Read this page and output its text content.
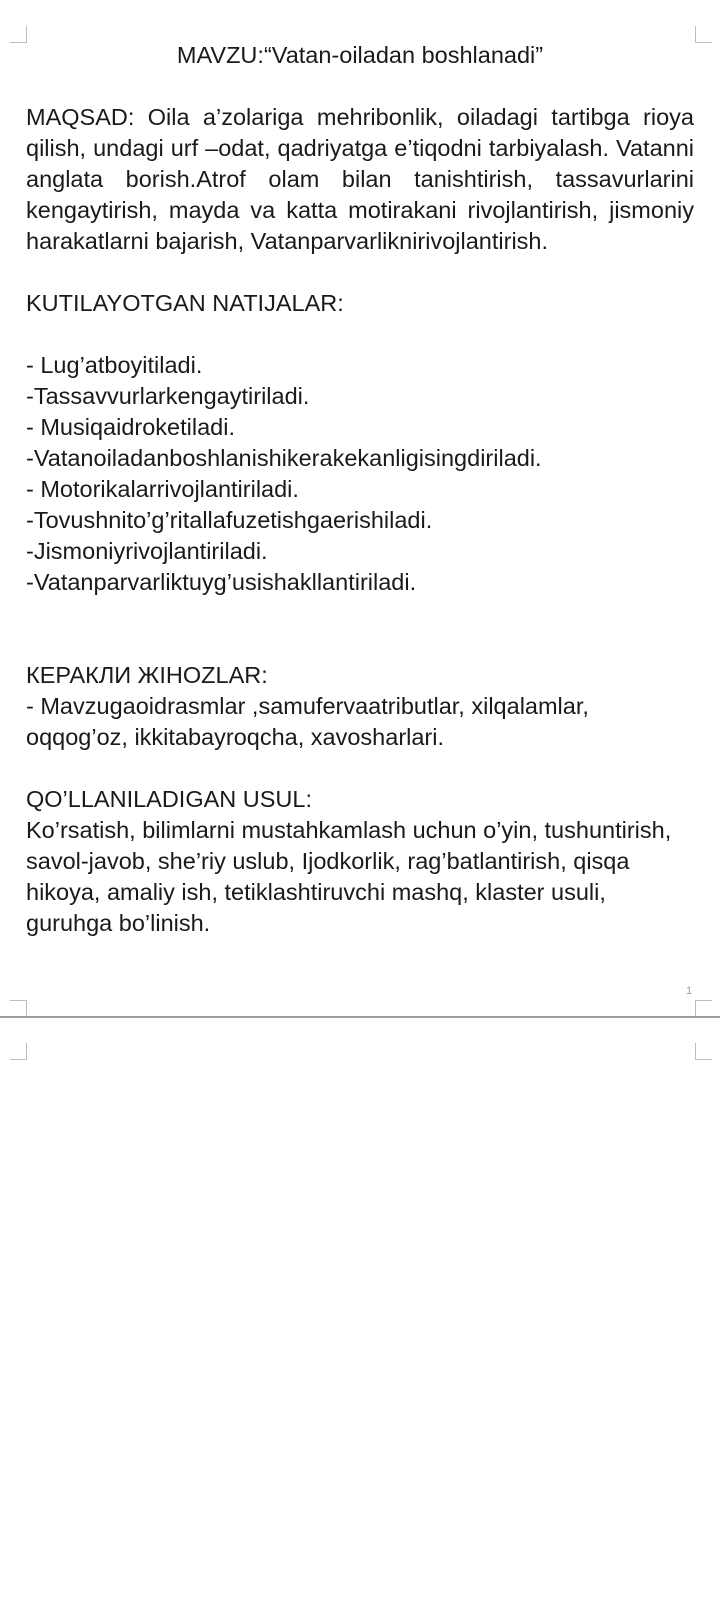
1

MAVZU:“Vatan-oiladan boshlanadi”

MAQSAD: Oila a’zolariga mehribonlik, oiladagi tartibga rioya qilish, undagi urf –odat, qadriyatga e’tiqodni tarbiyalash. Vatanni anglata borish.Atrof olam bilan tanishtirish, tassavurlarini kengaytirish, mayda va katta motirakani rivojlantirish, jismoniy harakatlarni bajarish, Vatanparvarliknirivojlantirish.

KUTILAYOTGAN NATIJALAR:

- Lug’atboyitiladi.
-Tassavvurlarkengaytiriladi.
- Musiqaidroketiladi.
-Vatanoiladanboshlanishikerakekanligisingdiriladi.
- Motorikalarrivojlantiriladi.
-Tovushnito’g’ritallafuzetishgaerishiladi.
-Jismoniyrivojlantiriladi.
-Vatanparvarliktuyg’usishakllantiriladi.

КЕРАКЛИ ЖIНОZLAR:

- Mavzugaoidrasmlar ,samufervaatributlar, xilqalamlar, oqqog’oz, ikkitabayroqcha, xavosharlari.

QO’LLANILADIGAN USUL:

Ko’rsatish, bilimlarni mustahkamlash uchun o’yin, tushuntirish, savol-javob, she’riy uslub, Ijodkorlik, rag’batlantirish, qisqa hikoya, amaliy ish, tetiklashtiruvchi mashq, klaster usuli, guruhga bo’linish.
